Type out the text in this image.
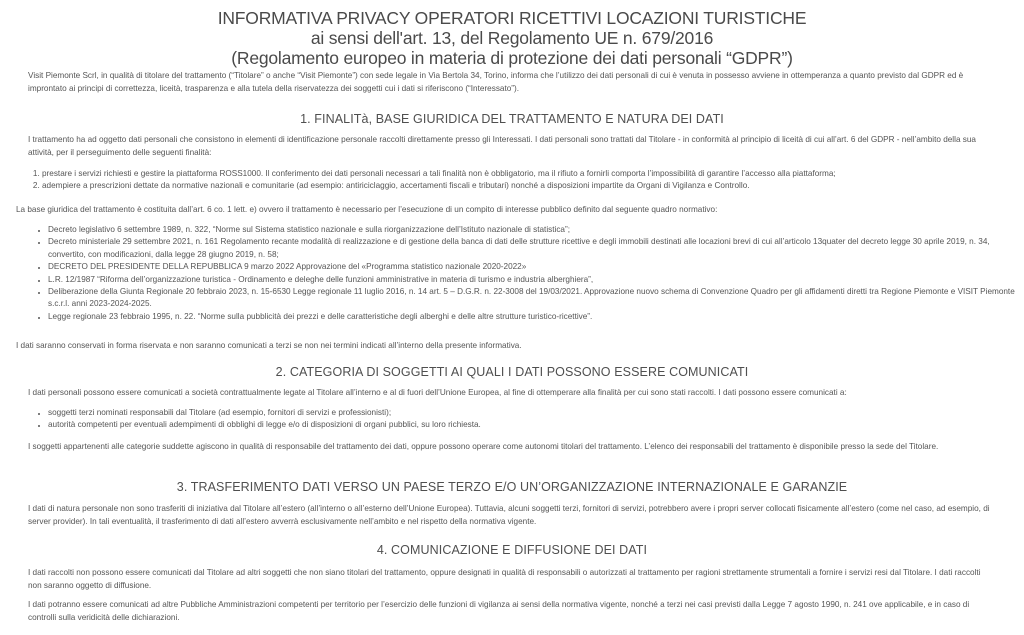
INFORMATIVA PRIVACY OPERATORI RICETTIVI LOCAZIONI TURISTICHE
ai sensi dell'art. 13, del Regolamento UE n. 679/2016
(Regolamento europeo in materia di protezione dei dati personali “GDPR”)
Visit Piemonte Scrl, in qualità di titolare del trattamento (“Titolare” o anche “Visit Piemonte”) con sede legale in Via Bertola 34, Torino, informa che l’utilizzo dei dati personali di cui è venuta in possesso avviene in ottemperanza a quanto previsto dal GDPR ed è improntato ai principi di correttezza, liceità, trasparenza e alla tutela della riservatezza dei soggetti cui i dati si riferiscono (“Interessato”).
1. FINALITà, BASE GIURIDICA DEL TRATTAMENTO E NATURA DEI DATI
I trattamento ha ad oggetto dati personali che consistono in elementi di identificazione personale raccolti direttamente presso gli Interessati. I dati personali sono trattati dal Titolare - in conformità al principio di liceità di cui all’art. 6 del GDPR - nell’ambito della sua attività, per il perseguimento delle seguenti finalità:
1. prestare i servizi richiesti e gestire la piattaforma ROSS1000. Il conferimento dei dati personali necessari a tali finalità non è obbligatorio, ma il rifiuto a fornirli comporta l’impossibilità di garantire l’accesso alla piattaforma;
2. adempiere a prescrizioni dettate da normative nazionali e comunitarie (ad esempio: antiriciclaggio, accertamenti fiscali e tributari) nonché a disposizioni impartite da Organi di Vigilanza e Controllo.
La base giuridica del trattamento è costituita dall’art. 6 co. 1 lett. e) ovvero il trattamento è necessario per l’esecuzione di un compito di interesse pubblico definito dal seguente quadro normativo:
• Decreto legislativo 6 settembre 1989, n. 322, “Norme sul Sistema statistico nazionale e sulla riorganizzazione dell’Istituto nazionale di statistica”;
• Decreto ministeriale 29 settembre 2021, n. 161 Regolamento recante modalità di realizzazione e di gestione della banca di dati delle strutture ricettive e degli immobili destinati alle locazioni brevi di cui all’articolo 13quater del decreto legge 30 aprile 2019, n. 34, convertito, con modificazioni, dalla legge 28 giugno 2019, n. 58;
• DECRETO DEL PRESIDENTE DELLA REPUBBLICA 9 marzo 2022 Approvazione del «Programma statistico nazionale 2020-2022»
• L.R. 12/1987 “Riforma dell’organizzazione turistica - Ordinamento e deleghe delle funzioni amministrative in materia di turismo e industria alberghiera”,
• Deliberazione della Giunta Regionale 20 febbraio 2023, n. 15-6530 Legge regionale 11 luglio 2016, n. 14 art. 5 – D.G.R. n. 22-3008 del 19/03/2021. Approvazione nuovo schema di Convenzione Quadro per gli affidamenti diretti tra Regione Piemonte e VISIT Piemonte s.c.r.l. anni 2023-2024-2025.
• Legge regionale 23 febbraio 1995, n. 22. “Norme sulla pubblicità dei prezzi e delle caratteristiche degli alberghi e delle altre strutture turistico-ricettive”.
I dati saranno conservati in forma riservata e non saranno comunicati a terzi se non nei termini indicati all’interno della presente informativa.
2. CATEGORIA DI SOGGETTI AI QUALI I DATI POSSONO ESSERE COMUNICATI
I dati personali possono essere comunicati a società contrattualmente legate al Titolare all’interno e al di fuori dell’Unione Europea, al fine di ottemperare alla finalità per cui sono stati raccolti. I dati possono essere comunicati a:
• soggetti terzi nominati responsabili dal Titolare (ad esempio, fornitori di servizi e professionisti);
• autorità competenti per eventuali adempimenti di obblighi di legge e/o di disposizioni di organi pubblici, su loro richiesta.
I soggetti appartenenti alle categorie suddette agiscono in qualità di responsabile del trattamento dei dati, oppure possono operare come autonomi titolari del trattamento. L’elenco dei responsabili del trattamento è disponibile presso la sede del Titolare.
3. TRASFERIMENTO DATI VERSO UN PAESE TERZO E/O UN’ORGANIZZAZIONE INTERNAZIONALE E GARANZIE
I dati di natura personale non sono trasferiti di iniziativa dal Titolare all’estero (all’interno o all’esterno dell’Unione Europea). Tuttavia, alcuni soggetti terzi, fornitori di servizi, potrebbero avere i propri server collocati fisicamente all’estero (come nel caso, ad esempio, di server provider). In tali eventualità, il trasferimento di dati all’estero avverrà esclusivamente nell’ambito e nel rispetto della normativa vigente.
4. COMUNICAZIONE E DIFFUSIONE DEI DATI
I dati raccolti non possono essere comunicati dal Titolare ad altri soggetti che non siano titolari del trattamento, oppure designati in qualità di responsabili o autorizzati al trattamento per ragioni strettamente strumentali a fornire i servizi resi dal Titolare. I dati raccolti non saranno oggetto di diffusione.
I dati potranno essere comunicati ad altre Pubbliche Amministrazioni competenti per territorio per l’esercizio delle funzioni di vigilanza ai sensi della normativa vigente, nonché a terzi nei casi previsti dalla Legge 7 agosto 1990, n. 241 ove applicabile, e in caso di controlli sulla veridicità delle dichiarazioni.
